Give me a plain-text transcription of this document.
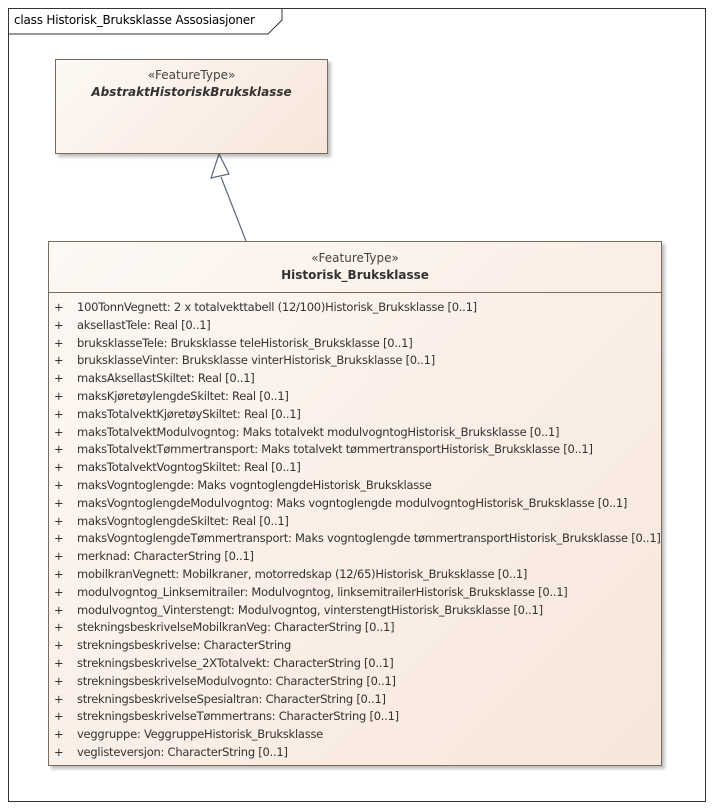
class Historisk_Bruksklasse Assosiasjoner
«FeatureType»
AbstraktHistoriskBruksklasse
«FeatureType»
Historisk_Bruksklasse
+ 100TonnVegnett: 2 x totalvekttabell (12/100)Historisk_Bruksklasse [0..1]
+ aksellastTele: Real [0..1]
+ bruksklasseTele: Bruksklasse teleHistorisk_Bruksklasse [0..1]
+ bruksklasseVinter: Bruksklasse vinterHistorisk_Bruksklasse [0..1]
+ maksAksellastSkiltet: Real [0..1]
+ maksKjøretøylengdeSkiltet: Real [0..1]
+ maksTotalvektKjøretøySkiltet: Real [0..1]
+ maksTotalvektModulvogntog: Maks totalvekt modulvogntogHistorisk_Bruksklasse [0..1]
+ maksTotalvektTømmertransport: Maks totalvekt tømmertransportHistorisk_Bruksklasse [0..1]
+ maksTotalvektVogntogSkiltet: Real [0..1]
+ maksVogntoglengde: Maks vogntoglengdeHistorisk_Bruksklasse
+ maksVogntoglengdeModulvogntog: Maks vogntoglengde modulvogntogHistorisk_Bruksklasse [0..1]
+ maksVogntoglengdeSkiltet: Real [0..1]
+ maksVogntoglengdeTømmertransport: Maks vogntoglengde tømmertransportHistorisk_Bruksklasse [0..1]
+ merknad: CharacterString [0..1]
+ mobilkranVegnett: Mobilkraner, motorredskap (12/65)Historisk_Bruksklasse [0..1]
+ modulvogntog_Linksemitrailer: Modulvogntog, linksemitrailerHistorisk_Bruksklasse [0..1]
+ modulvogntog_Vinterstengt: Modulvogntog, vinterstengtHistorisk_Bruksklasse [0..1]
+ stekningsbeskrivelseMobilkranVeg: CharacterString [0..1]
+ strekningsbeskrivelse: CharacterString
+ strekningsbeskrivelse_2XTotalvekt: CharacterString [0..1]
+ strekningsbeskrivelseModulvognto: CharacterString [0..1]
+ strekningsbeskrivelseSpesialtran: CharacterString [0..1]
+ strekningsbeskrivelseTømmertrans: CharacterString [0..1]
+ veggruppe: VeggruppeHistorisk_Bruksklasse
+ veglisteversjon: CharacterString [0..1]
